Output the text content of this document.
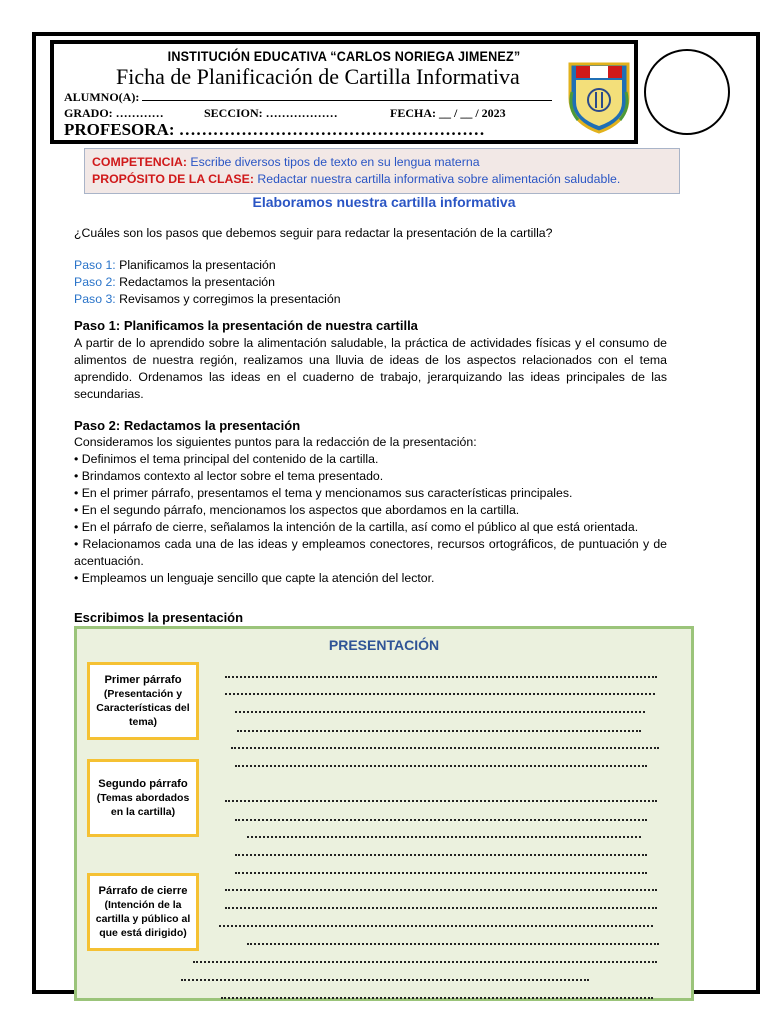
INSTITUCIÓN EDUCATIVA “CARLOS NORIEGA JIMENEZ”
Ficha de Planificación de Cartilla Informativa
ALUMNO(A):
GRADO: …………	SECCION: ………………	FECHA: __ / __ / 2023
PROFESORA: ………………………………………………
COMPETENCIA: Escribe diversos tipos de texto en su lengua materna
PROPÓSITO DE LA CLASE: Redactar nuestra cartilla informativa sobre alimentación saludable.
Elaboramos nuestra cartilla informativa
¿Cuáles son los pasos que debemos seguir para redactar la presentación de la cartilla?
Paso 1: Planificamos la presentación
Paso 2: Redactamos la presentación
Paso 3: Revisamos y corregimos la presentación
Paso 1: Planificamos la presentación de nuestra cartilla
A partir de lo aprendido sobre la alimentación saludable, la práctica de actividades físicas y el consumo de alimentos de nuestra región, realizamos una lluvia de ideas de los aspectos relacionados con el tema aprendido. Ordenamos las ideas en el cuaderno de trabajo, jerarquizando las ideas principales de las secundarias.
Paso 2: Redactamos la presentación
Consideramos los siguientes puntos para la redacción de la presentación:
• Definimos el tema principal del contenido de la cartilla.
• Brindamos contexto al lector sobre el tema presentado.
• En el primer párrafo, presentamos el tema y mencionamos sus características principales.
• En el segundo párrafo, mencionamos los aspectos que abordamos en la cartilla.
• En el párrafo de cierre, señalamos la intención de la cartilla, así como el público al que está orientada.
• Relacionamos cada una de las ideas y empleamos conectores, recursos ortográficos, de puntuación y de acentuación.
• Empleamos un lenguaje sencillo que capte la atención del lector.
Escribimos la presentación
PRESENTACIÓN
Primer párrafo
(Presentación y Características del tema)
Segundo párrafo
(Temas abordados en la cartilla)
Párrafo de cierre
(Intención de la cartilla y público al que está dirigido)
